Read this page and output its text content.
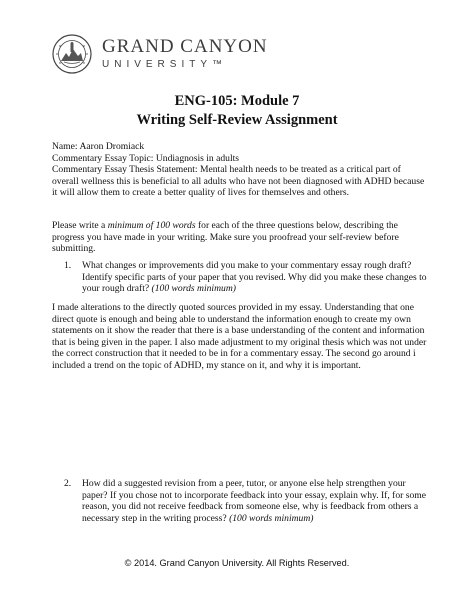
GRAND CANYON
UNIVERSITY™
ENG-105: Module 7
Writing Self-Review Assignment

Name: Aaron Dromiack

Commentary Essay Topic: Undiagnosis in adults

Commentary Essay Thesis Statement: Mental health needs to be treated as a critical part of overall wellness this is beneficial to all adults who have not been diagnosed with ADHD because it will allow them to create a better quality of lives for themselves and others.

Please write a minimum of 100 words for each of the three questions below, describing the progress you have made in your writing. Make sure you proofread your self-review before submitting.
1. What changes or improvements did you make to your commentary essay rough draft? Identify specific parts of your paper that you revised. Why did you make these changes to your rough draft? (100 words minimum)
I made alterations to the directly quoted sources provided in my essay. Understanding that one direct quote is enough and being able to understand the information enough to create my own statements on it show the reader that there is a base understanding of the content and information that is being given in the paper. I also made adjustment to my original thesis which was not under the correct construction that it needed to be in for a commentary essay. The second go around i included a trend on the topic of ADHD, my stance on it, and why it is important.
2. How did a suggested revision from a peer, tutor, or anyone else help strengthen your paper? If you chose not to incorporate feedback into your essay, explain why. If, for some reason, you did not receive feedback from someone else, why is feedback from others a necessary step in the writing process? (100 words minimum)
© 2014. Grand Canyon University. All Rights Reserved.
